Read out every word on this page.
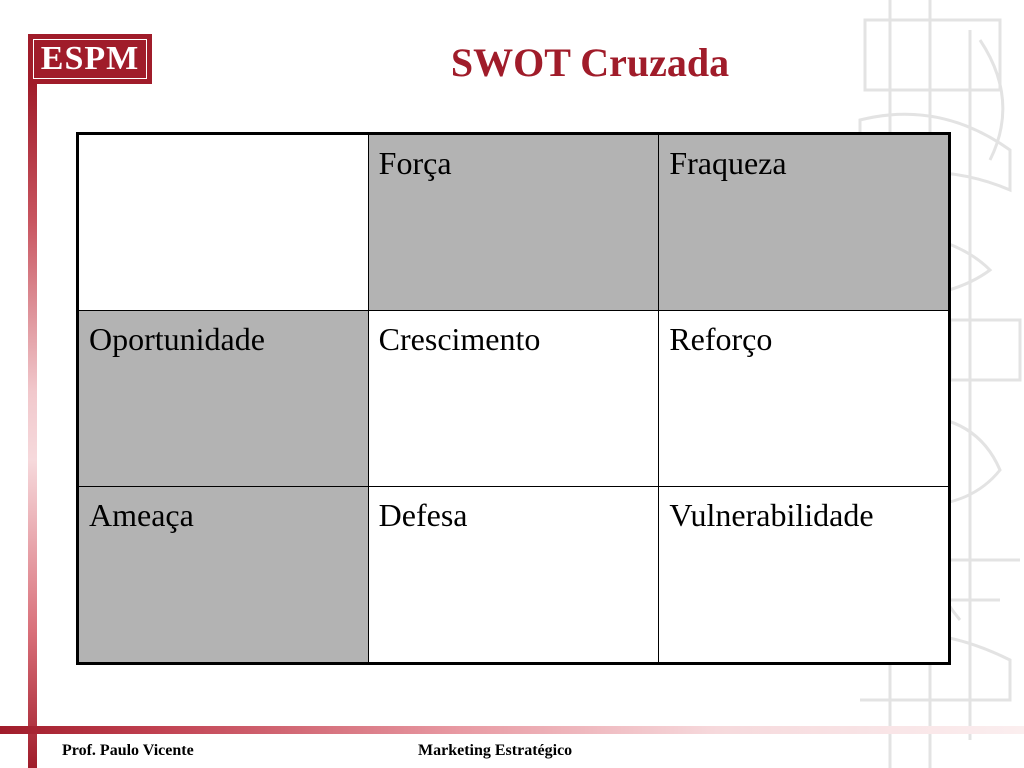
ESPM	SWOT Cruzada
	Força	Fraqueza
Oportunidade	Crescimento	Reforço
Ameaça	Defesa	Vulnerabilidade
Prof. Paulo Vicente	Marketing Estratégico
